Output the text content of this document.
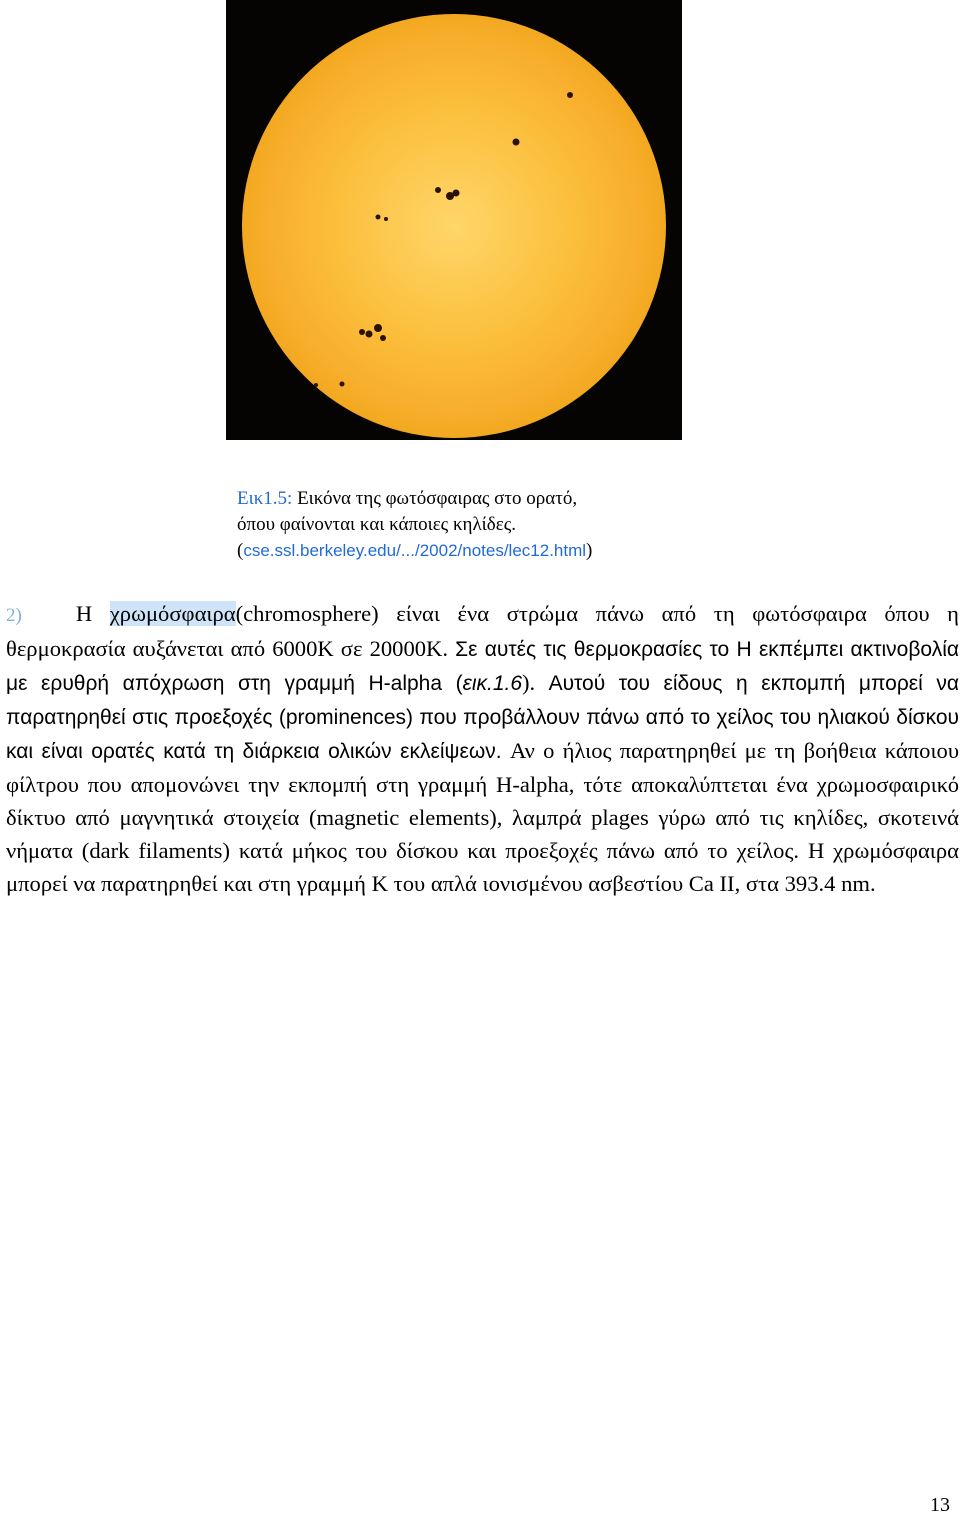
Εικ1.5: Εικόνα της φωτόσφαιρας στο ορατό,
όπου φαίνονται και κάποιες κηλίδες.
(cse.ssl.berkeley.edu/.../2002/notes/lec12.html)
2) Η χρωμόσφαιρα(chromosphere) είναι ένα στρώμα πάνω από τη φωτόσφαιρα όπου η θερμοκρασία αυξάνεται από 6000K σε 20000K. Σε αυτές τις θερμοκρασίες το Η εκπέμπει ακτινοβολία με ερυθρή απόχρωση στη γραμμή H-alpha (εικ.1.6). Αυτού του είδους η εκπομπή μπορεί να παρατηρηθεί στις προεξοχές (prominences) που προβάλλουν πάνω από το χείλος του ηλιακού δίσκου και είναι ορατές κατά τη διάρκεια ολικών εκλείψεων. Αν ο ήλιος παρατηρηθεί με τη βοήθεια κάποιου φίλτρου που απομονώνει την εκπομπή στη γραμμή H-alpha, τότε αποκαλύπτεται ένα χρωμοσφαιρικό δίκτυο από μαγνητικά στοιχεία (magnetic elements), λαμπρά plages γύρω από τις κηλίδες, σκοτεινά νήματα (dark filaments) κατά μήκος του δίσκου και προεξοχές πάνω από το χείλος. Η χρωμόσφαιρα μπορεί να παρατηρηθεί και στη γραμμή K του απλά ιονισμένου ασβεστίου Ca II, στα 393.4 nm.
13
